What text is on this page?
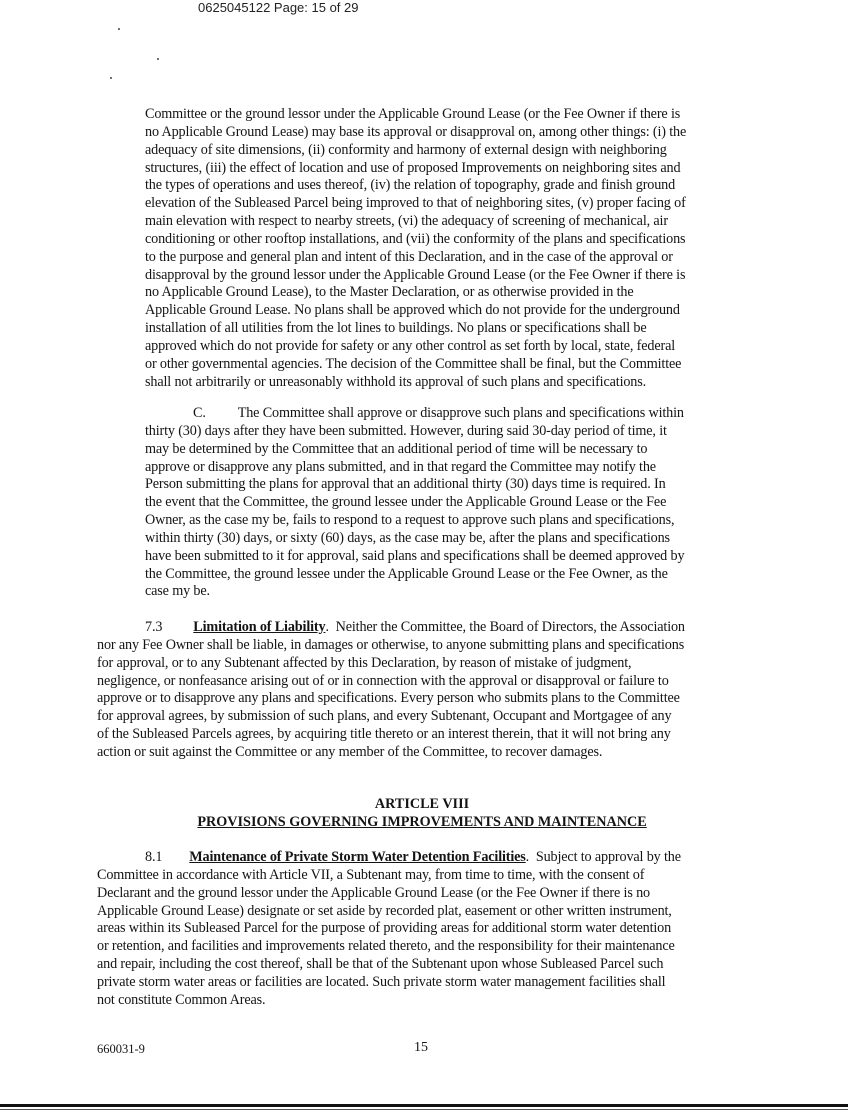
0625045122 Page: 15 of 29
Committee or the ground lessor under the Applicable Ground Lease (or the Fee Owner if there is
no Applicable Ground Lease) may base its approval or disapproval on, among other things: (i) the
adequacy of site dimensions, (ii) conformity and harmony of external design with neighboring
structures, (iii) the effect of location and use of proposed Improvements on neighboring sites and
the types of operations and uses thereof, (iv) the relation of topography, grade and finish ground
elevation of the Subleased Parcel being improved to that of neighboring sites, (v) proper facing of
main elevation with respect to nearby streets, (vi) the adequacy of screening of mechanical, air
conditioning or other rooftop installations, and (vii) the conformity of the plans and specifications
to the purpose and general plan and intent of this Declaration, and in the case of the approval or
disapproval by the ground lessor under the Applicable Ground Lease (or the Fee Owner if there is
no Applicable Ground Lease), to the Master Declaration, or as otherwise provided in the
Applicable Ground Lease. No plans shall be approved which do not provide for the underground
installation of all utilities from the lot lines to buildings. No plans or specifications shall be
approved which do not provide for safety or any other control as set forth by local, state, federal
or other governmental agencies. The decision of the Committee shall be final, but the Committee
shall not arbitrarily or unreasonably withhold its approval of such plans and specifications.
C. The Committee shall approve or disapprove such plans and specifications within
thirty (30) days after they have been submitted. However, during said 30-day period of time, it
may be determined by the Committee that an additional period of time will be necessary to
approve or disapprove any plans submitted, and in that regard the Committee may notify the
Person submitting the plans for approval that an additional thirty (30) days time is required. In
the event that the Committee, the ground lessee under the Applicable Ground Lease or the Fee
Owner, as the case my be, fails to respond to a request to approve such plans and specifications,
within thirty (30) days, or sixty (60) days, as the case may be, after the plans and specifications
have been submitted to it for approval, said plans and specifications shall be deemed approved by
the Committee, the ground lessee under the Applicable Ground Lease or the Fee Owner, as the
case my be.
7.3 Limitation of Liability.  Neither the Committee, the Board of Directors, the Association
nor any Fee Owner shall be liable, in damages or otherwise, to anyone submitting plans and specifications
for approval, or to any Subtenant affected by this Declaration, by reason of mistake of judgment,
negligence, or nonfeasance arising out of or in connection with the approval or disapproval or failure to
approve or to disapprove any plans and specifications. Every person who submits plans to the Committee
for approval agrees, by submission of such plans, and every Subtenant, Occupant and Mortgagee of any
of the Subleased Parcels agrees, by acquiring title thereto or an interest therein, that it will not bring any
action or suit against the Committee or any member of the Committee, to recover damages.
ARTICLE VIII
PROVISIONS GOVERNING IMPROVEMENTS AND MAINTENANCE
8.1 Maintenance of Private Storm Water Detention Facilities.  Subject to approval by the
Committee in accordance with Article VII, a Subtenant may, from time to time, with the consent of
Declarant and the ground lessor under the Applicable Ground Lease (or the Fee Owner if there is no
Applicable Ground Lease) designate or set aside by recorded plat, easement or other written instrument,
areas within its Subleased Parcel for the purpose of providing areas for additional storm water detention
or retention, and facilities and improvements related thereto, and the responsibility for their maintenance
and repair, including the cost thereof, shall be that of the Subtenant upon whose Subleased Parcel such
private storm water areas or facilities are located. Such private storm water management facilities shall
not constitute Common Areas.
660031-9	15
